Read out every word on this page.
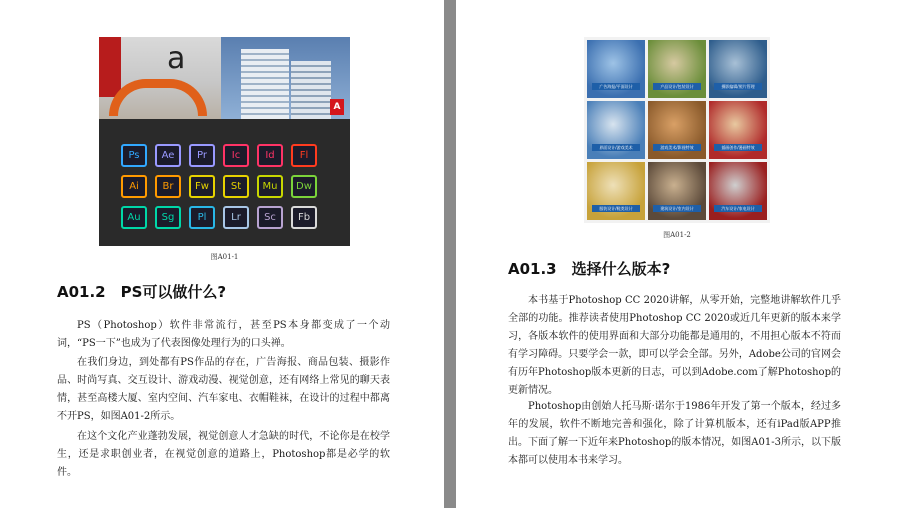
a
A
Ps	Ae	Pr	Ic	Id	Fl
Ai	Br	Fw	St	Mu	Dw
Au	Sg	Pl	Lr	Sc	Fb
图A01-1
A01.2　PS可以做什么?

PS（Photoshop）软件非常流行，甚至PS本身都变成了一个动词，“PS一下”也成为了代表图像处理行为的口头禅。

在我们身边，到处都有PS作品的存在，广告海报、商品包装、摄影作品、时尚写真、交互设计、游戏动漫、视觉创意，还有网络上常见的聊天表情，甚至高楼大厦、室内空间、汽车家电、衣帽鞋袜，在设计的过程中都离不开PS，如图A01-2所示。

在这个文化产业蓬勃发展，视觉创意人才急缺的时代，不论你是在校学生，还是求职创业者，在视觉创意的道路上，Photoshop都是必学的软件。

广告海报/平面设计	产品设计/包装设计	摄影编辑/照片管理
界面设计/游戏美术	游戏美术/影视特效	插画创作/漫画特效
服装设计/鞋类设计	建筑设计/室内设计	汽车设计/家电设计
图A01-2
A01.3　选择什么版本?

本书基于Photoshop CC 2020讲解，从零开始，完整地讲解软件几乎全部的功能。推荐读者使用Photoshop CC 2020或近几年更新的版本来学习，各版本软件的使用界面和大部分功能都是通用的，不用担心版本不符而有学习障碍。只要学会一款，即可以学会全部。另外，Adobe公司的官网会有历年Photoshop版本更新的日志，可以到Adobe.com了解Photoshop的更新情况。

Photoshop由创始人托马斯·诺尔于1986年开发了第一个版本，经过多年的发展，软件不断地完善和强化，除了计算机版本，还有iPad版APP推出。下面了解一下近年来Photoshop的版本情况，如图A01-3所示，以下版本都可以使用本书来学习。
